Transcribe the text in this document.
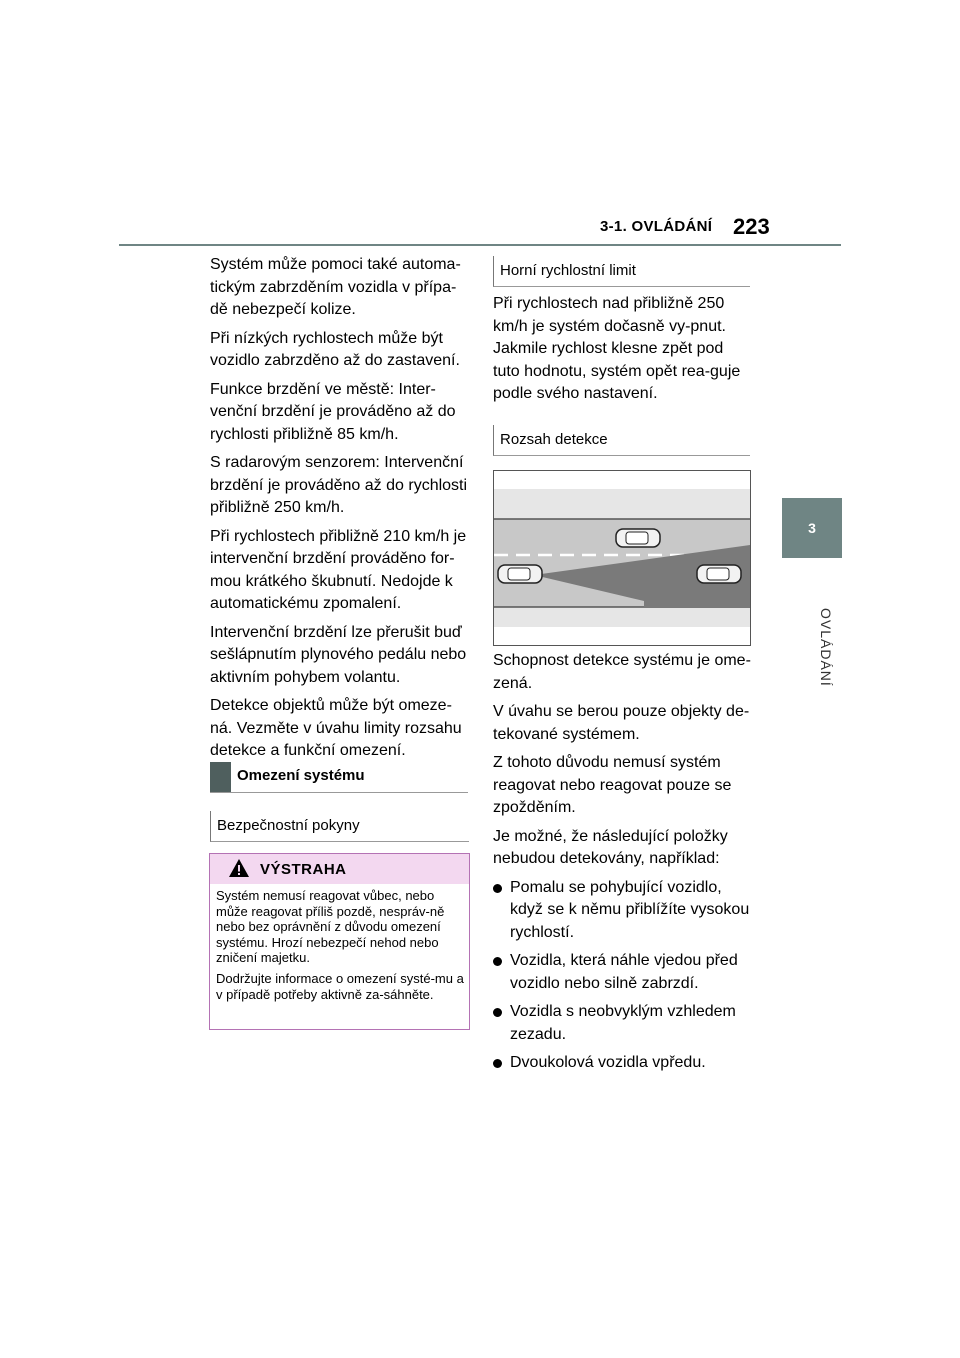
3-1. OVLÁDÁNÍ 223
3
OVLÁDÁNÍ

Systém může pomoci také automa-tickým zabrzděním vozidla v přípa-dě nebezpečí kolize.

Při nízkých rychlostech může být vozidlo zabrzděno až do zastavení.

Funkce brzdění ve městě: Inter-venční brzdění je prováděno až do rychlosti přibližně 85 km/h.

S radarovým senzorem: Intervenční brzdění je prováděno až do rychlosti přibližně 250 km/h.

Při rychlostech přibližně 210 km/h je intervenční brzdění prováděno for-mou krátkého škubnutí. Nedojde k automatickému zpomalení.

Intervenční brzdění lze přerušit buď sešlápnutím plynového pedálu nebo aktivním pohybem volantu.

Detekce objektů může být omeze-ná. Vezměte v úvahu limity rozsahu detekce a funkční omezení.

Omezení systému
Bezpečnostní pokyny
VÝSTRAHA

Systém nemusí reagovat vůbec, nebo může reagovat příliš pozdě, nespráv-ně nebo bez oprávnění z důvodu omezení systému. Hrozí nebezpečí nehod nebo zničení majetku.

Dodržujte informace o omezení systé-mu a v případě potřeby aktivně za-sáhněte.

Horní rychlostní limit

Při rychlostech nad přibližně 250 km/h je systém dočasně vy-pnut. Jakmile rychlost klesne zpět pod tuto hodnotu, systém opět rea-guje podle svého nastavení.

Rozsah detekce

Schopnost detekce systému je ome-zená.

V úvahu se berou pouze objekty de-tekované systémem.

Z tohoto důvodu nemusí systém reagovat nebo reagovat pouze se zpožděním.

Je možné, že následující položky nebudou detekovány, například:

Pomalu se pohybující vozidlo, když se k němu přiblížíte vysokou rychlostí.
Vozidla, která náhle vjedou před vozidlo nebo silně zabrzdí.
Vozidla s neobvyklým vzhledem zezadu.
Dvoukolová vozidla vpředu.
